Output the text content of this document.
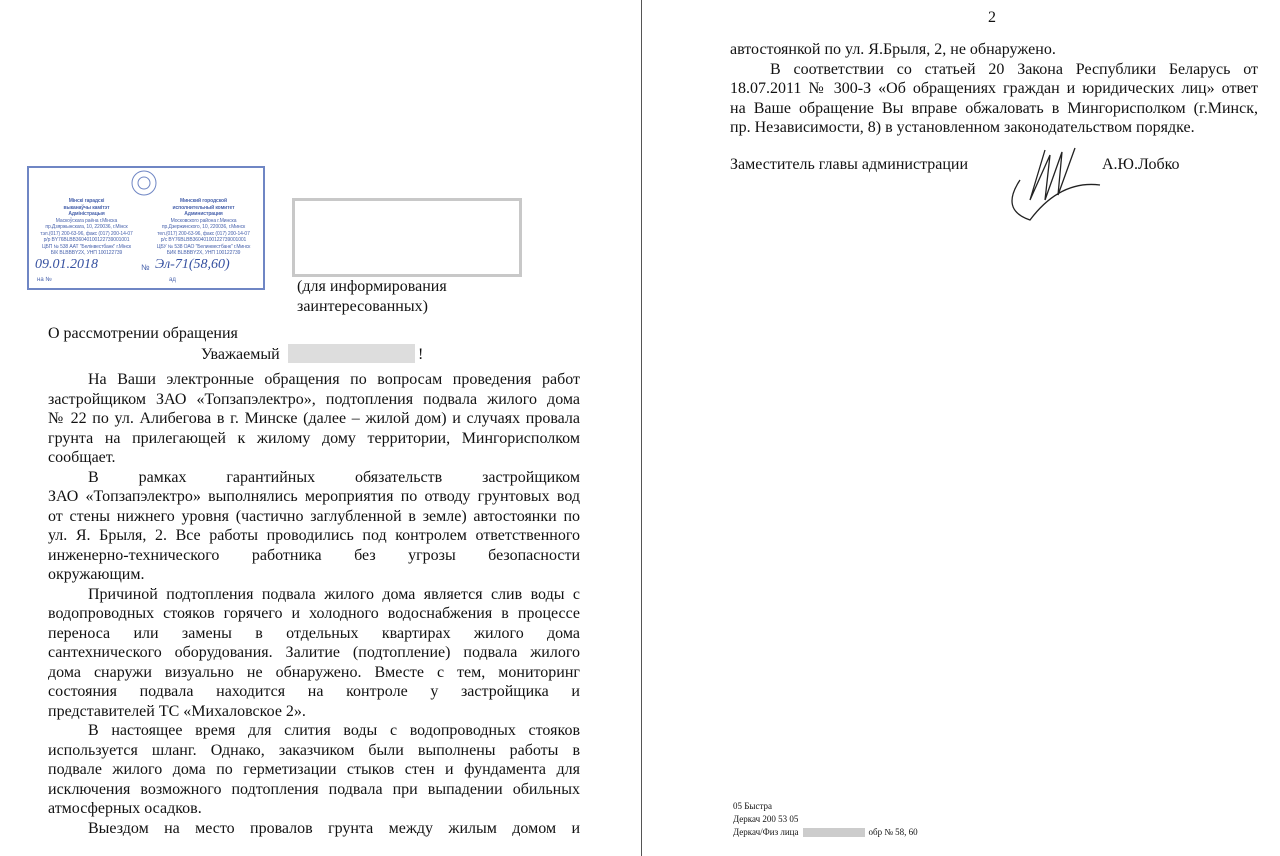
Мінскі гарадскі
выканаўчы камітэт
Адміністрацыя
Маскоўскага раёна г.Мінска
пр.Дзяржынскага, 10, 220036, г.Мінск
тэл.(017) 200-63-96, факс (017) 200-14-07
р/р BY76BLBB36040100122739001001
ЦБП № 538 ААТ "Белінвестбанк" г.Мінск
БІК BLBBBY2X, УНП 100122739
Минский городской
исполнительный комитет
Администрация
Московского района г.Минска
пр.Дзержинского, 10, 220036, г.Минск
тел.(017) 200-63-96, факс (017) 200-14-07
р/с BY76BLBB36040100122739001001
ЦБУ № 538 ОАО "Белинвестбанк" г.Минск
БИК BLBBBY2X, УНП 100122739
09.01.2018	№ Эл-71(58,60)
на №	ад	(для информирования
заинтересованных)
О рассмотрении обращения
Уважаемый	!
На Ваши электронные обращения по вопросам проведения работ
застройщиком ЗАО «Топзапэлектро», подтопления подвала жилого дома
№ 22 по ул. Алибегова в г. Минске (далее – жилой дом) и случаях провала
грунта на прилегающей к жилому дому территории, Мингорисполком
сообщает.
В рамках гарантийных обязательств застройщиком
ЗАО «Топзапэлектро» выполнялись мероприятия по отводу грунтовых вод
от стены нижнего уровня (частично заглубленной в земле) автостоянки по
ул. Я. Брыля, 2. Все работы проводились под контролем ответственного
инженерно-технического работника без угрозы безопасности
окружающим.
Причиной подтопления подвала жилого дома является слив воды с
водопроводных стояков горячего и холодного водоснабжения в процессе
переноса или замены в отдельных квартирах жилого дома
сантехнического оборудования. Залитие (подтопление) подвала жилого
дома снаружи визуально не обнаружено. Вместе с тем, мониторинг
состояния подвала находится на контроле у застройщика и
представителей ТС «Михаловское 2».
В настоящее время для слития воды с водопроводных стояков
используется шланг. Однако, заказчиком были выполнены работы в
подвале жилого дома по герметизации стыков стен и фундамента для
исключения возможного подтопления подвала при выпадении обильных
атмосферных осадков.
Выездом на место провалов грунта между жилым домом и
2
автостоянкой по ул. Я.Брыля, 2, не обнаружено.
В соответствии со статьей 20 Закона Республики Беларусь от
18.07.2011 № 300-З «Об обращениях граждан и юридических лиц» ответ
на Ваше обращение Вы вправе обжаловать в Мингорисполком (г.Минск,
пр. Независимости, 8) в установленном законодательством порядке.
Заместитель главы администрации	А.Ю.Лобко
05 Быстра
Деркач 200 53 05
Деркач/Физ лица	обр № 58, 60
